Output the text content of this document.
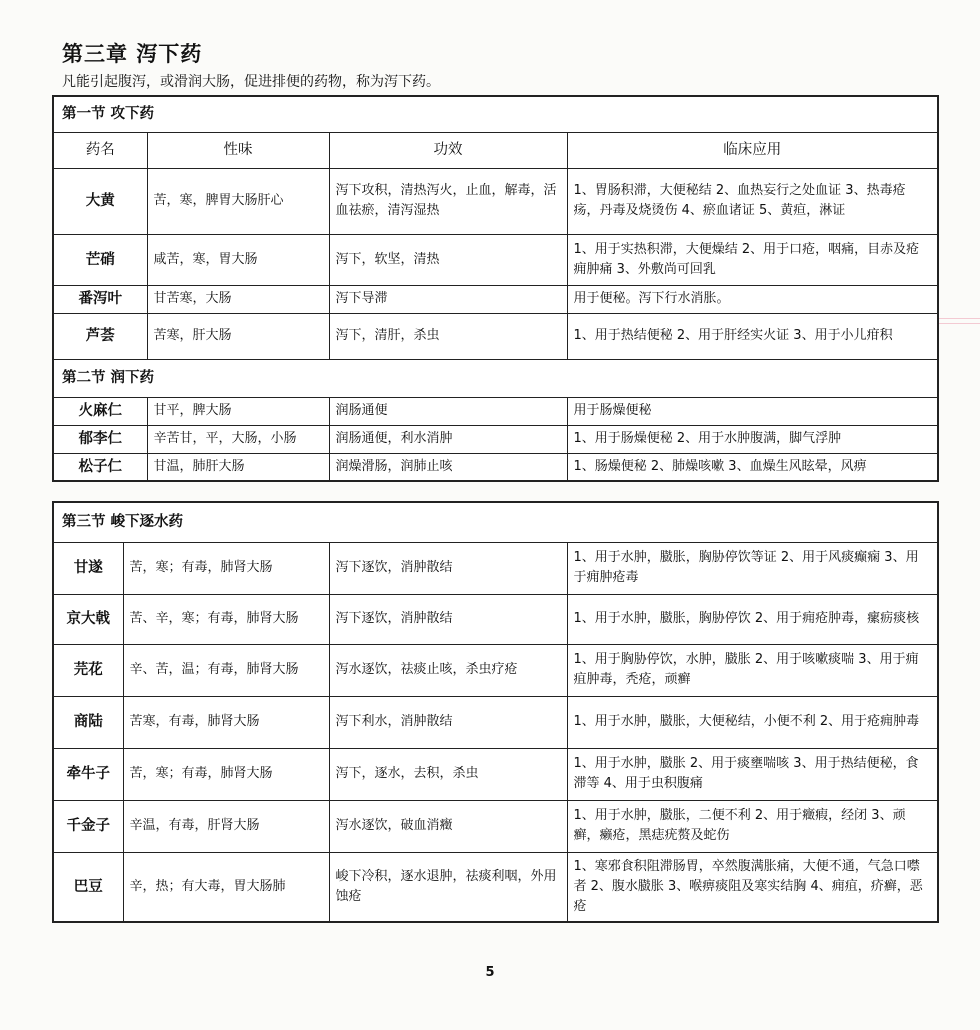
第三章 泻下药
凡能引起腹泻，或滑润大肠，促进排便的药物，称为泻下药。
第一节 攻下药			
药名	性味	功效	临床应用
大黄	苦，寒，脾胃大肠肝心	泻下攻积，清热泻火，止血，解毒，活血祛瘀，清泻湿热	1、胃肠积滞，大便秘结 2、血热妄行之处血证 3、热毒疮疡，丹毒及烧烫伤 4、瘀血诸证 5、黄疸，淋证
芒硝	咸苦，寒，胃大肠	泻下，软坚，清热	1、用于实热积滞，大便燥结 2、用于口疮，咽痛，目赤及疮痈肿痛 3、外敷尚可回乳
番泻叶	甘苦寒，大肠	泻下导滞	用于便秘。泻下行水消胀。
芦荟	苦寒，肝大肠	泻下，清肝，杀虫	1、用于热结便秘 2、用于肝经实火证 3、用于小儿疳积
第二节 润下药			
火麻仁	甘平，脾大肠	润肠通便	用于肠燥便秘
郁李仁	辛苦甘，平，大肠，小肠	润肠通便，利水消肿	1、用于肠燥便秘 2、用于水肿腹满，脚气浮肿
松子仁	甘温，肺肝大肠	润燥滑肠，润肺止咳	1、肠燥便秘 2、肺燥咳嗽 3、血燥生风眩晕，风痹
第三节 峻下逐水药			
甘遂	苦，寒；有毒，肺肾大肠	泻下逐饮，消肿散结	1、用于水肿，臌胀，胸胁停饮等证 2、用于风痰癫痫 3、用于痈肿疮毒
京大戟	苦、辛，寒；有毒，肺肾大肠	泻下逐饮，消肿散结	1、用于水肿，臌胀，胸胁停饮 2、用于痈疮肿毒，瘰疬痰核
芫花	辛、苦，温；有毒，肺肾大肠	泻水逐饮，祛痰止咳，杀虫疗疮	1、用于胸胁停饮，水肿，臌胀 2、用于咳嗽痰喘 3、用于痈疽肿毒，秃疮，顽癣
商陆	苦寒，有毒，肺肾大肠	泻下利水，消肿散结	1、用于水肿，臌胀，大便秘结，小便不利 2、用于疮痈肿毒
牵牛子	苦，寒；有毒，肺肾大肠	泻下，逐水，去积，杀虫	1、用于水肿，臌胀 2、用于痰壅喘咳 3、用于热结便秘，食滞等 4、用于虫积腹痛
千金子	辛温，有毒，肝肾大肠	泻水逐饮，破血消癥	1、用于水肿，臌胀，二便不利 2、用于癥瘕，经闭 3、顽癣，癞疮，黑痣疣赘及蛇伤
巴豆	辛，热；有大毒，胃大肠肺	峻下冷积，逐水退肿，祛痰利咽，外用蚀疮	1、寒邪食积阻滞肠胃，卒然腹满胀痛，大便不通，气急口噤者 2、腹水臌胀 3、喉痹痰阻及寒实结胸 4、痈疽，疥癣，恶疮
5
